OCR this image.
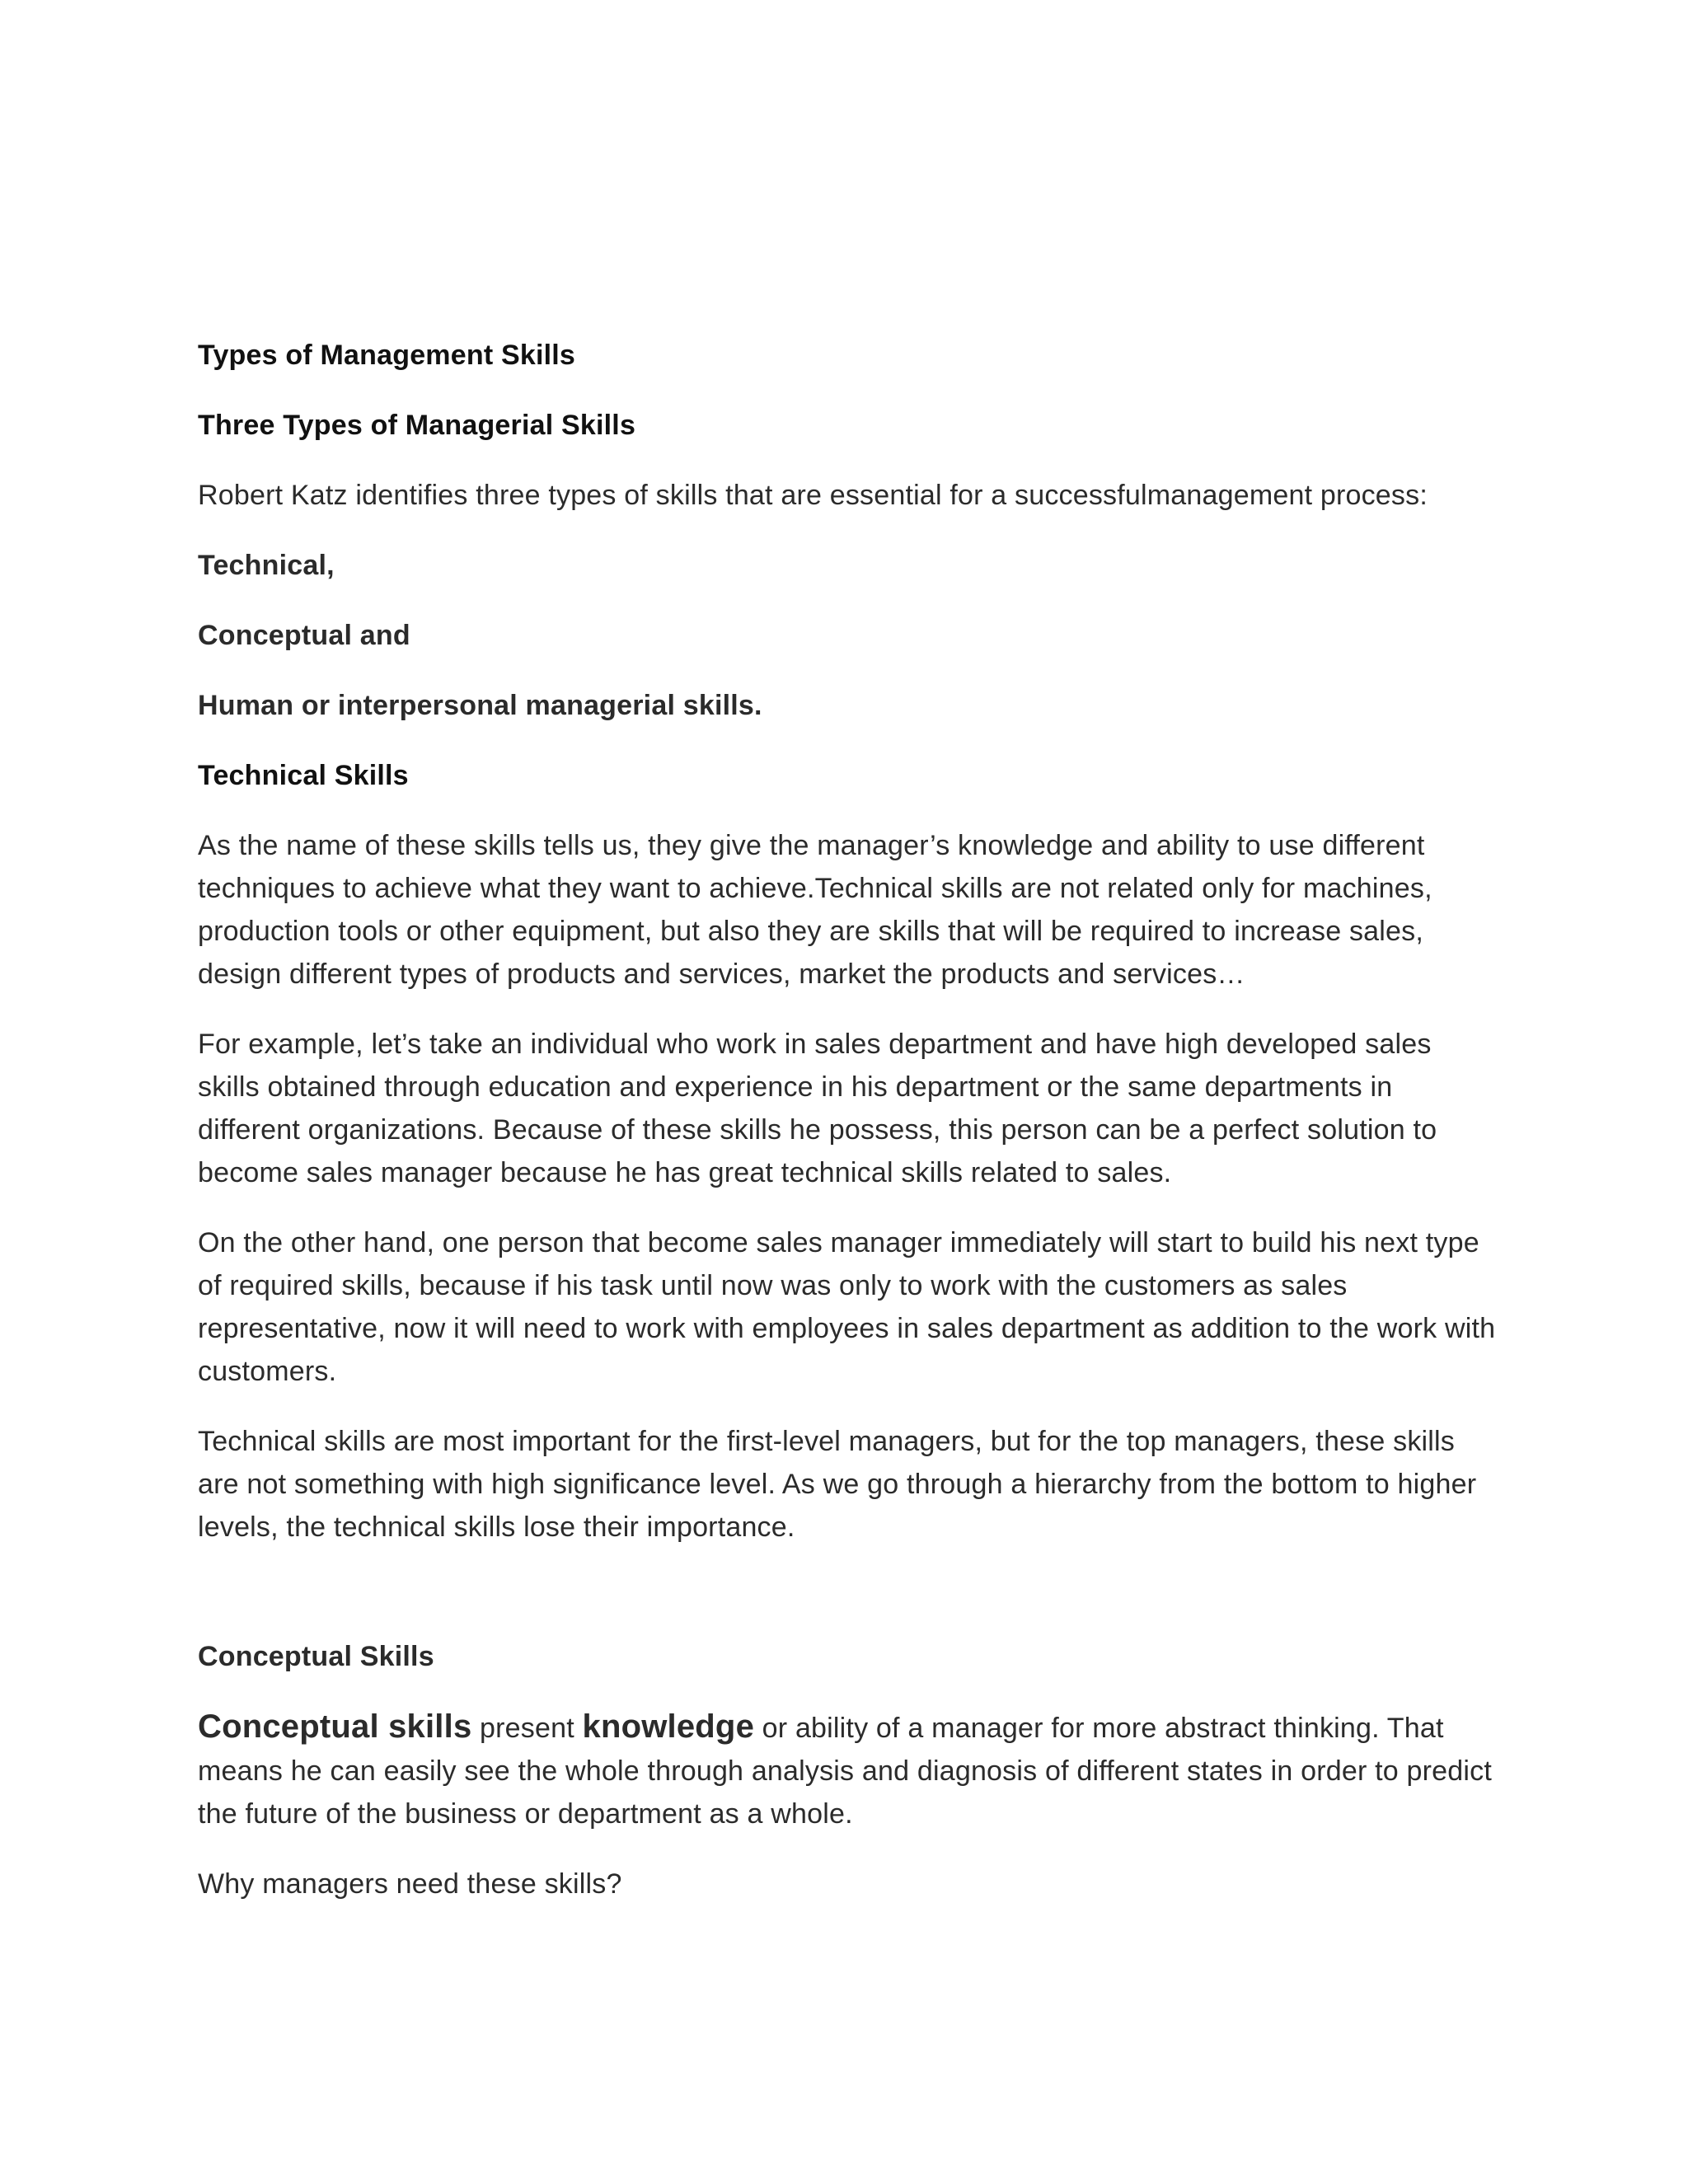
Types of Management Skills

Three Types of Managerial Skills

Robert Katz identifies three types of skills that are essential for a successfulmanagement process:

Technical,

Conceptual and

Human or interpersonal managerial skills.

Technical Skills

As the name of these skills tells us, they give the manager’s knowledge and ability to use different techniques to achieve what they want to achieve.Technical skills are not related only for machines, production tools or other equipment, but also they are skills that will be required to increase sales, design different types of products and services, market the products and services…

For example, let’s take an individual who work in sales department and have high developed sales skills obtained through education and experience in his department or the same departments in different organizations. Because of these skills he possess, this person can be a perfect solution to become sales manager because he has great technical skills related to sales.

On the other hand, one person that become sales manager immediately will start to build his next type of required skills, because if his task until now was only to work with the customers as sales representative, now it will need to work with employees in sales department as addition to the work with customers.

Technical skills are most important for the first-level managers, but for the top managers, these skills are not something with high significance level. As we go through a hierarchy from the bottom to higher levels, the technical skills lose their importance.

Conceptual Skills

Conceptual skills present knowledge or ability of a manager for more abstract thinking. That means he can easily see the whole through analysis and diagnosis of different states in order to predict the future of the business or department as a whole.

Why managers need these skills?
